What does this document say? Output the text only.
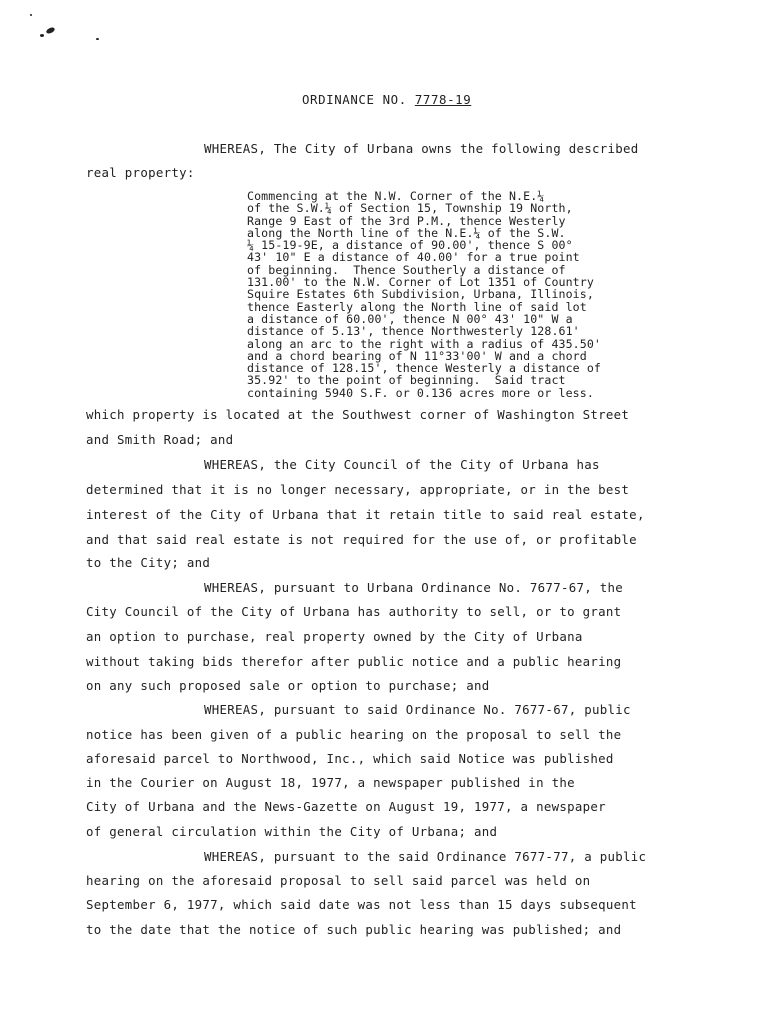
ORDINANCE NO. 7778-19
WHEREAS, The City of Urbana owns the following described
real property:
Commencing at the N.W. Corner of the N.E.¼
of the S.W.¼ of Section 15, Township 19 North,
Range 9 East of the 3rd P.M., thence Westerly
along the North line of the N.E.¼ of the S.W.
¼ 15-19-9E, a distance of 90.00', thence S 00°
43' 10" E a distance of 40.00' for a true point
of beginning.  Thence Southerly a distance of
131.00' to the N.W. Corner of Lot 1351 of Country
Squire Estates 6th Subdivision, Urbana, Illinois,
thence Easterly along the North line of said lot
a distance of 60.00', thence N 00° 43' 10" W a
distance of 5.13', thence Northwesterly 128.61'
along an arc to the right with a radius of 435.50'
and a chord bearing of N 11°33'00' W and a chord
distance of 128.15', thence Westerly a distance of
35.92' to the point of beginning.  Said tract
containing 5940 S.F. or 0.136 acres more or less.
which property is located at the Southwest corner of Washington Street
and Smith Road; and
WHEREAS, the City Council of the City of Urbana has
determined that it is no longer necessary, appropriate, or in the best
interest of the City of Urbana that it retain title to said real estate,
and that said real estate is not required for the use of, or profitable
to the City; and
WHEREAS, pursuant to Urbana Ordinance No. 7677-67, the
City Council of the City of Urbana has authority to sell, or to grant
an option to purchase, real property owned by the City of Urbana
without taking bids therefor after public notice and a public hearing
on any such proposed sale or option to purchase; and
WHEREAS, pursuant to said Ordinance No. 7677-67, public
notice has been given of a public hearing on the proposal to sell the
aforesaid parcel to Northwood, Inc., which said Notice was published
in the Courier on August 18, 1977, a newspaper published in the
City of Urbana and the News-Gazette on August 19, 1977, a newspaper
of general circulation within the City of Urbana; and
WHEREAS, pursuant to the said Ordinance 7677-77, a public
hearing on the aforesaid proposal to sell said parcel was held on
September 6, 1977, which said date was not less than 15 days subsequent
to the date that the notice of such public hearing was published; and
